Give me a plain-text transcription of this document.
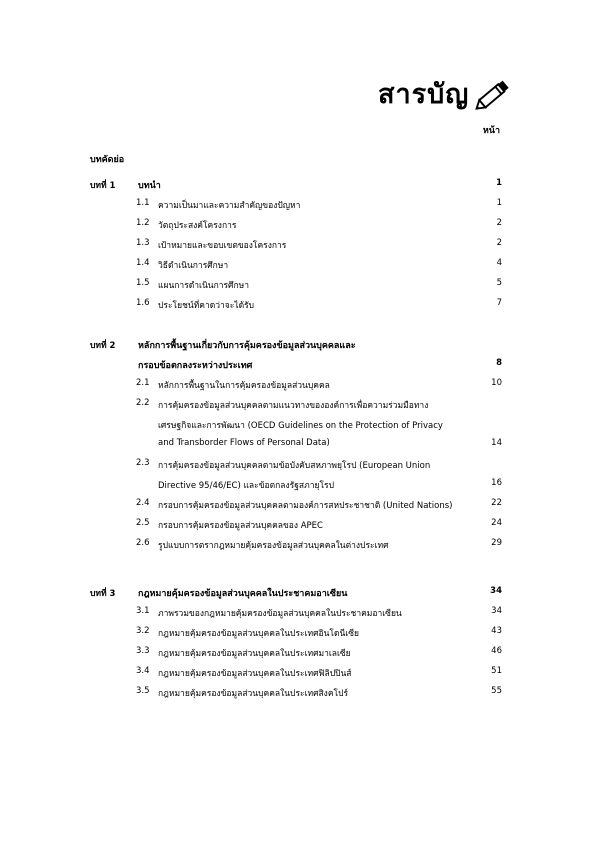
สารบัญ
หน้า
บทคัดย่อ
บทที่ 1	บทนำ	1
1.1 ความเป็นมาและความสำคัญของปัญหา	1
1.2 วัตถุประสงค์โครงการ	2
1.3 เป้าหมายและขอบเขตของโครงการ	2
1.4 วิธีดำเนินการศึกษา	4
1.5 แผนการดำเนินการศึกษา	5
1.6 ประโยชน์ที่คาดว่าจะได้รับ	7
บทที่ 2	หลักการพื้นฐานเกี่ยวกับการคุ้มครองข้อมูลส่วนบุคคลและ
กรอบข้อตกลงระหว่างประเทศ	8
2.1 หลักการพื้นฐานในการคุ้มครองข้อมูลส่วนบุคคล	10
2.2 การคุ้มครองข้อมูลส่วนบุคคลตามแนวทางขององค์การเพื่อความร่วมมือทาง
เศรษฐกิจและการพัฒนา (OECD Guidelines on the Protection of Privacy
and Transborder Flows of Personal Data)	14
2.3 การคุ้มครองข้อมูลส่วนบุคคลตามข้อบังคับสหภาพยุโรป (European Union
Directive 95/46/EC) และข้อตกลงรัฐสภายุโรป	16
2.4 กรอบการคุ้มครองข้อมูลส่วนบุคคลตามองค์การสหประชาชาติ (United Nations)	22
2.5 กรอบการคุ้มครองข้อมูลส่วนบุคคลของ APEC	24
2.6 รูปแบบการตรากฎหมายคุ้มครองข้อมูลส่วนบุคคลในต่างประเทศ	29
บทที่ 3	กฎหมายคุ้มครองข้อมูลส่วนบุคคลในประชาคมอาเซียน	34
3.1 ภาพรวมของกฎหมายคุ้มครองข้อมูลส่วนบุคคลในประชาคมอาเซียน	34
3.2 กฎหมายคุ้มครองข้อมูลส่วนบุคคลในประเทศอินโดนีเซีย	43
3.3 กฎหมายคุ้มครองข้อมูลส่วนบุคคลในประเทศมาเลเซีย	46
3.4 กฎหมายคุ้มครองข้อมูลส่วนบุคคลในประเทศฟิลิปปินส์	51
3.5 กฎหมายคุ้มครองข้อมูลส่วนบุคคลในประเทศสิงคโปร์	55
